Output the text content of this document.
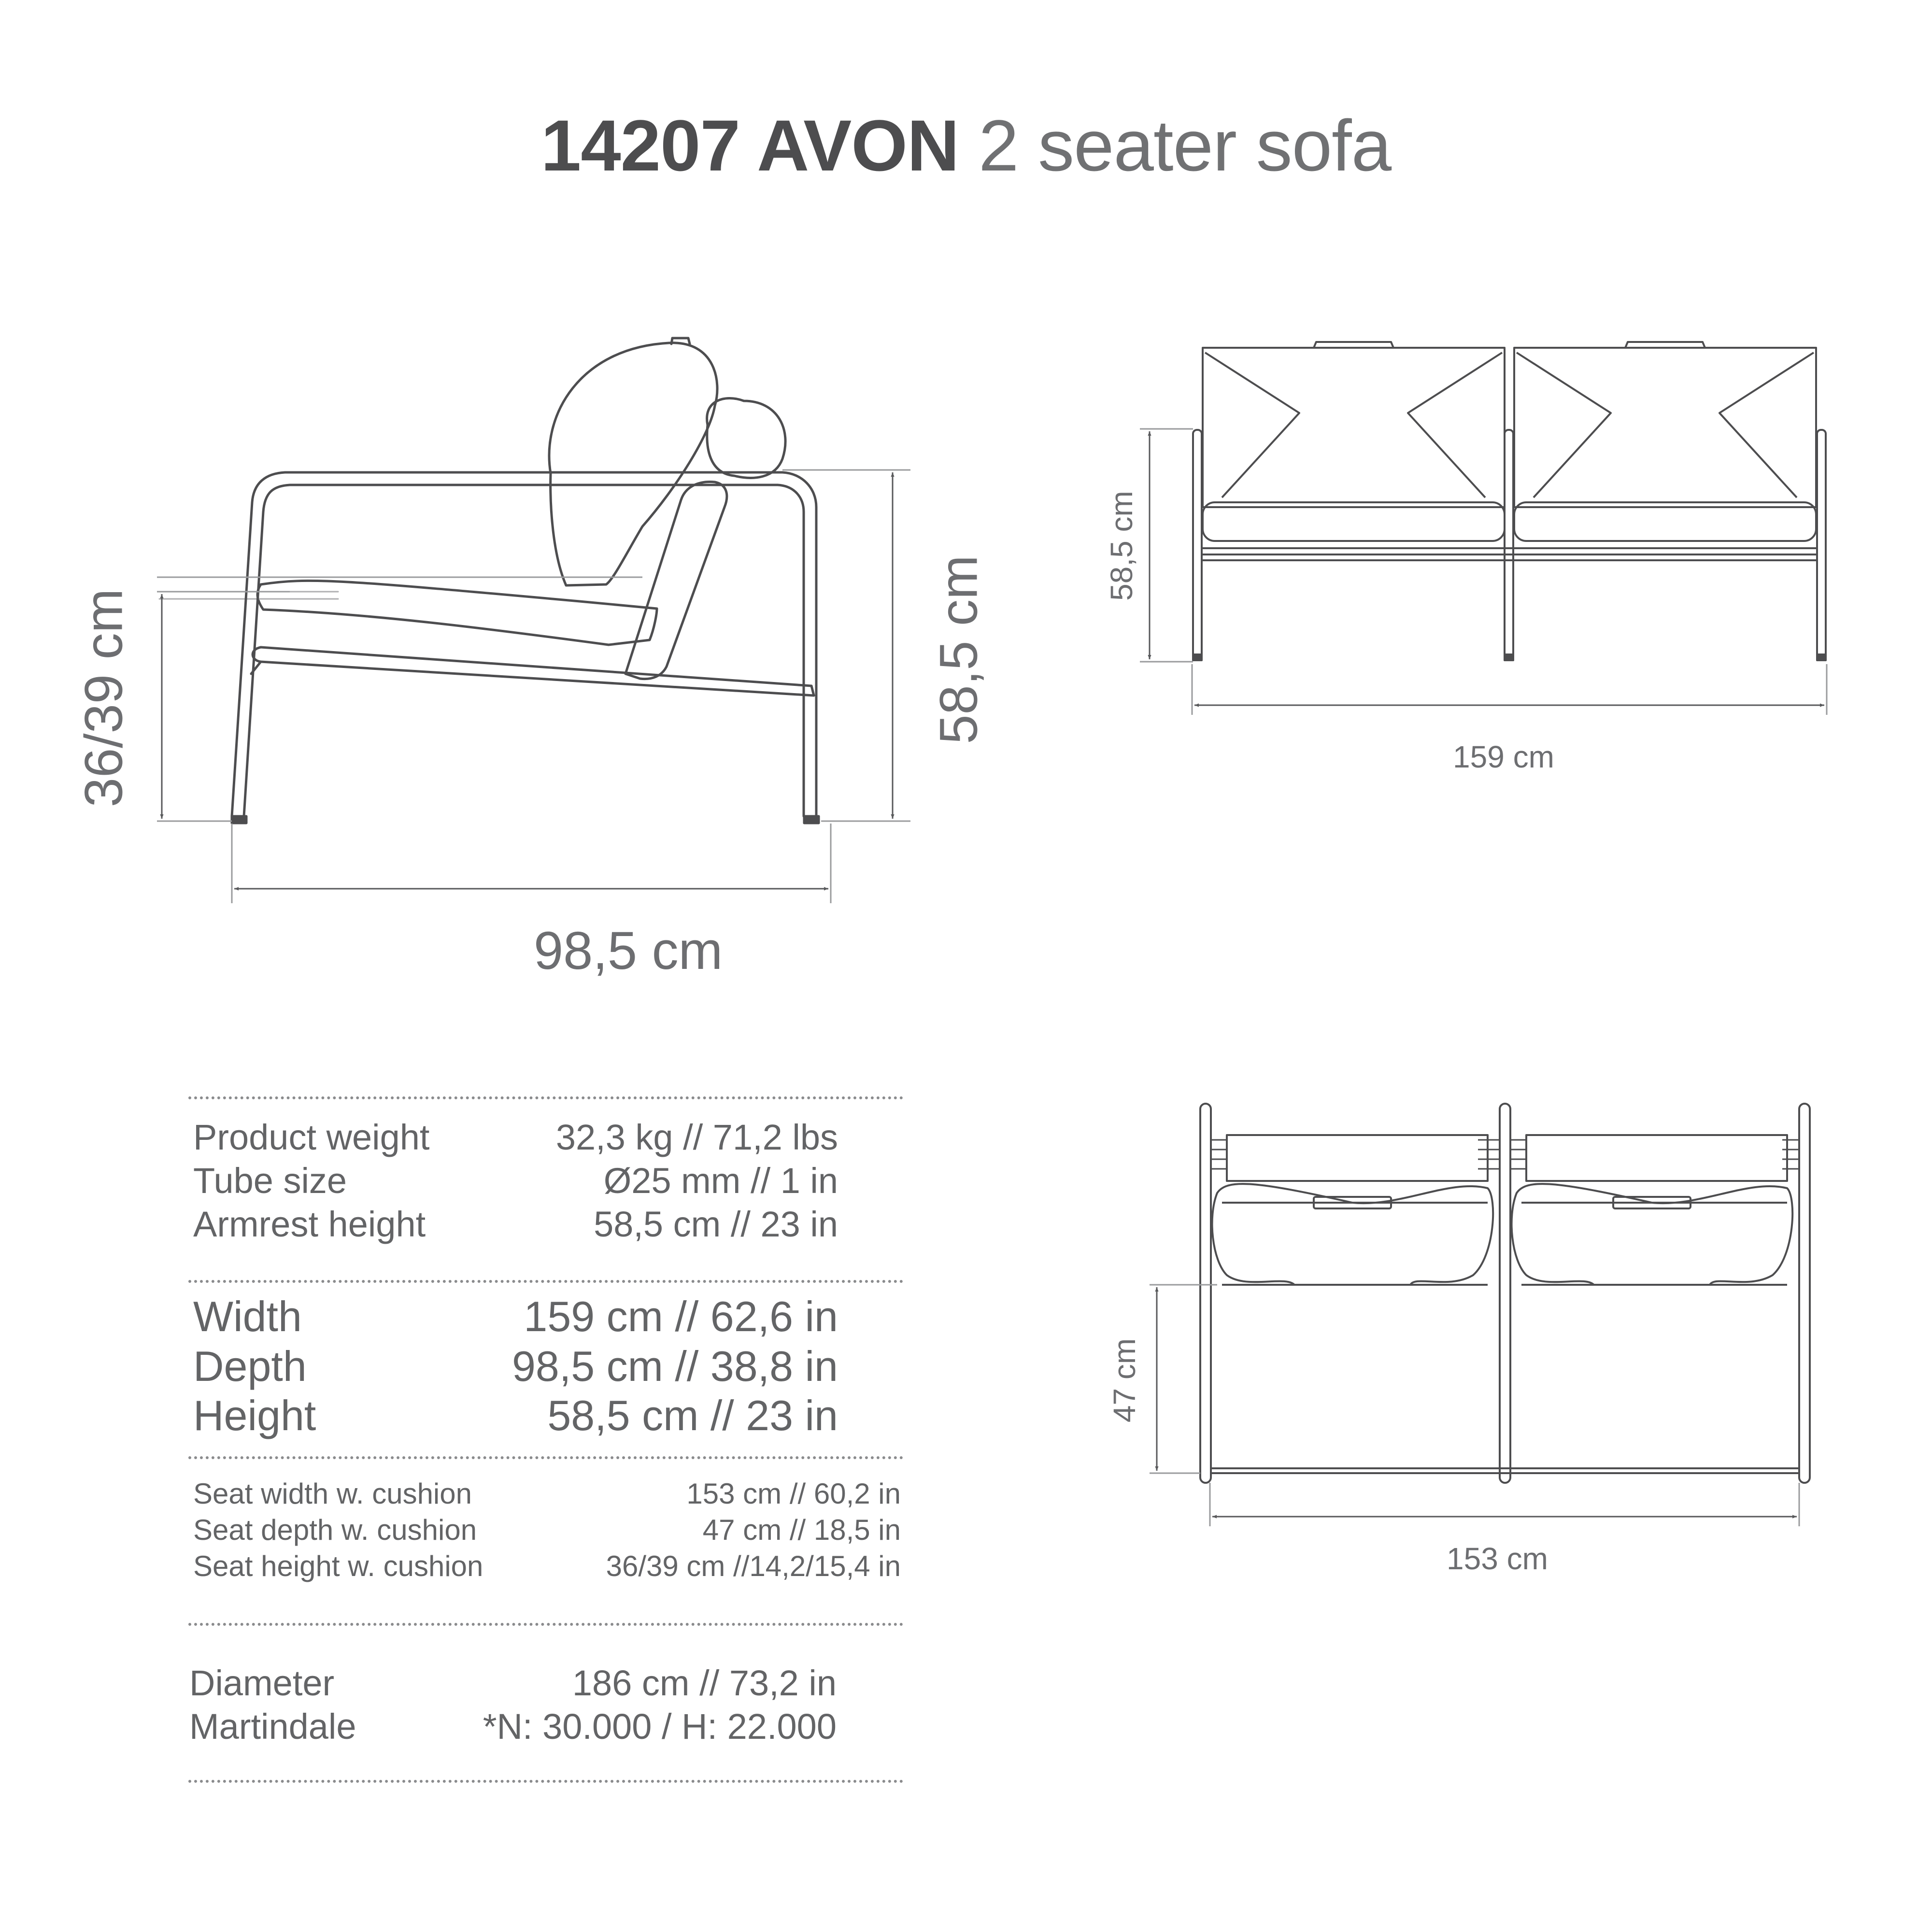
14207 AVON 2 seater sofa
36/39 cm	58,5 cm
98,5 cm
58,5 cm
159 cm
47 cm
153 cm
Product weight	32,3 kg // 71,2 lbs
Tube size	Ø25 mm // 1 in
Armrest height	58,5 cm // 23 in
Width	159 cm // 62,6 in
Depth	98,5 cm // 38,8 in
Height	58,5 cm // 23 in
Seat width w. cushion	153 cm // 60,2 in
Seat depth w. cushion	47 cm // 18,5 in
Seat height w. cushion	36/39 cm //14,2/15,4 in
Diameter	186 cm // 73,2 in
Martindale	*N: 30.000 / H: 22.000
